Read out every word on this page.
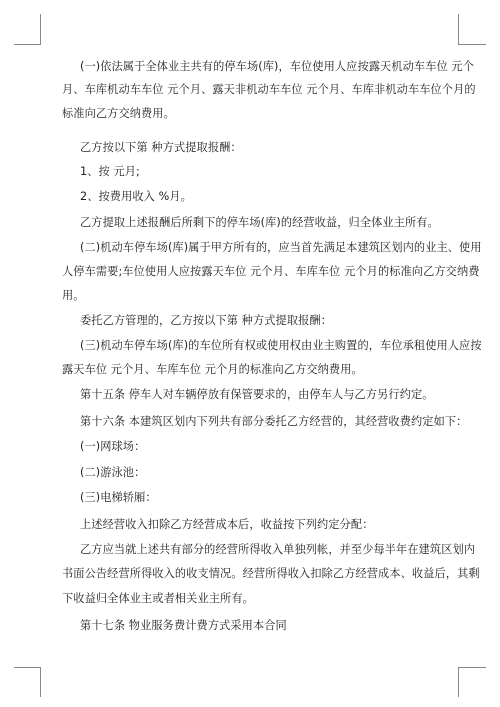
(一)依法属于全体业主共有的停车场(库)，车位使用人应按露天机动车车位 元个
月、车库机动车车位 元个月、露天非机动车车位 元个月、车库非机动车车位个月的
标准向乙方交纳费用。
乙方按以下第 种方式提取报酬：
1、按 元月;
2、按费用收入 %月。
乙方提取上述报酬后所剩下的停车场(库)的经营收益，归全体业主所有。
(二)机动车停车场(库)属于甲方所有的，应当首先满足本建筑区划内的业主、使用
人停车需要;车位使用人应按露天车位 元个月、车库车位 元个月的标准向乙方交纳费
用。
委托乙方管理的，乙方按以下第 种方式提取报酬：
(三)机动车停车场(库)的车位所有权或使用权由业主购置的，车位承租使用人应按
露天车位 元个月、车库车位 元个月的标准向乙方交纳费用。
第十五条 停车人对车辆停放有保管要求的，由停车人与乙方另行约定。
第十六条 本建筑区划内下列共有部分委托乙方经营的，其经营收费约定如下：
(一)网球场：
(二)游泳池：
(三)电梯轿厢：
上述经营收入扣除乙方经营成本后，收益按下列约定分配：
乙方应当就上述共有部分的经营所得收入单独列帐，并至少每半年在建筑区划内
书面公告经营所得收入的收支情况。经营所得收入扣除乙方经营成本、收益后，其剩
下收益归全体业主或者相关业主所有。
第十七条 物业服务费计费方式采用本合同
